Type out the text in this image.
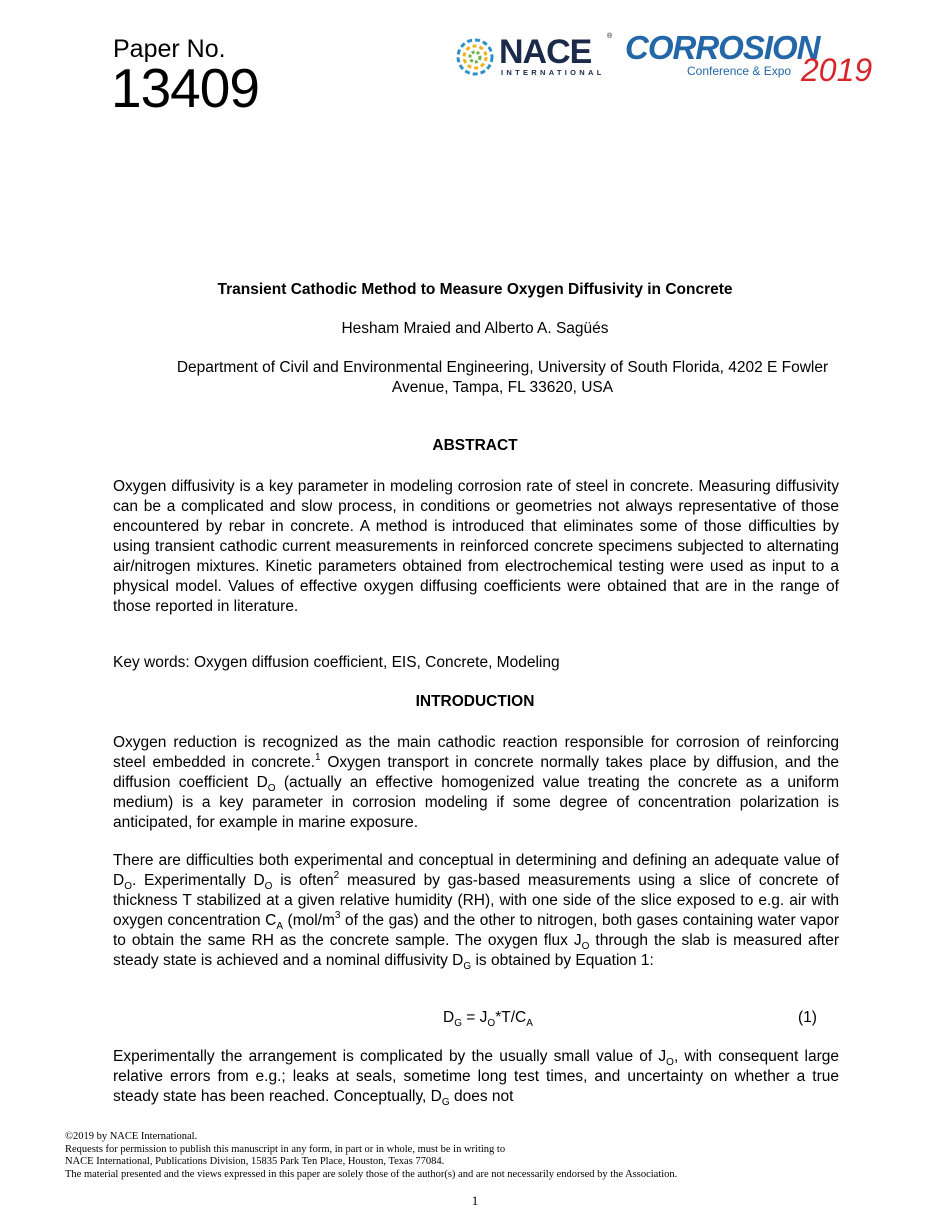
Paper No.
13409
NACE ®
INTERNATIONAL
CORROSION
Conference & Expo 2019
Transient Cathodic Method to Measure Oxygen Diffusivity in Concrete
Hesham Mraied and Alberto A. Sagüés
Department of Civil and Environmental Engineering, University of South Florida, 4202 E Fowler Avenue, Tampa, FL 33620, USA
ABSTRACT
Oxygen diffusivity is a key parameter in modeling corrosion rate of steel in concrete. Measuring diffusivity can be a complicated and slow process, in conditions or geometries not always representative of those encountered by rebar in concrete. A method is introduced that eliminates some of those difficulties by using transient cathodic current measurements in reinforced concrete specimens subjected to alternating air/nitrogen mixtures. Kinetic parameters obtained from electrochemical testing were used as input to a physical model. Values of effective oxygen diffusing coefficients were obtained that are in the range of those reported in literature.
Key words: Oxygen diffusion coefficient, EIS, Concrete, Modeling
INTRODUCTION
Oxygen reduction is recognized as the main cathodic reaction responsible for corrosion of reinforcing steel embedded in concrete.$^1$ Oxygen transport in concrete normally takes place by diffusion, and the diffusion coefficient $D_O$ (actually an effective homogenized value treating the concrete as a uniform medium) is a key parameter in corrosion modeling if some degree of concentration polarization is anticipated, for example in marine exposure.
There are difficulties both experimental and conceptual in determining and defining an adequate value of $D_O$. Experimentally $D_O$ is often$^2$ measured by gas-based measurements using a slice of concrete of thickness T stabilized at a given relative humidity (RH), with one side of the slice exposed to e.g. air with oxygen concentration $C_A$ ($mol/m^3$ of the gas) and the other to nitrogen, both gases containing water vapor to obtain the same RH as the concrete sample. The oxygen flux $J_O$ through the slab is measured after steady state is achieved and a nominal diffusivity $D_G$ is obtained by Equation 1:
$D_G = J_O*T/C_A$	(1)
Experimentally the arrangement is complicated by the usually small value of $J_O$, with consequent large relative errors from e.g.; leaks at seals, sometime long test times, and uncertainty on whether a true steady state has been reached. Conceptually, $D_G$ does not
©2019 by NACE International.
Requests for permission to publish this manuscript in any form, in part or in whole, must be in writing to
NACE International, Publications Division, 15835 Park Ten Place, Houston, Texas 77084.
The material presented and the views expressed in this paper are solely those of the author(s) and are not necessarily endorsed by the Association.
1
